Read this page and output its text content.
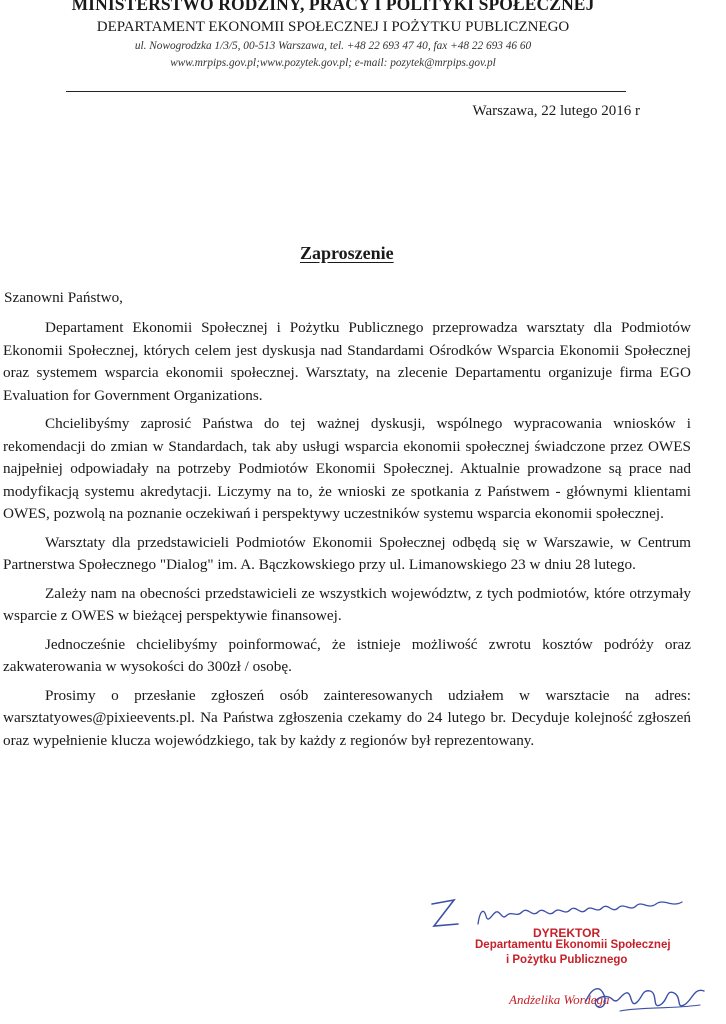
MINISTERSTWO RODZINY, PRACY I POLITYKI SPOŁECZNEJ
DEPARTAMENT EKONOMII SPOŁECZNEJ I POŻYTKU PUBLICZNEGO
ul. Nowogrodzka 1/3/5, 00-513 Warszawa, tel. +48 22 693 47 40, fax +48 22 693 46 60
www.mrpips.gov.pl;www.pozytek.gov.pl; e-mail: pozytek@mrpips.gov.pl
Warszawa, 22 lutego 2016 r
Zaproszenie
Szanowni Państwo,

Departament Ekonomii Społecznej i Pożytku Publicznego przeprowadza warsztaty dla Podmiotów Ekonomii Społecznej, których celem jest dyskusja nad Standardami Ośrodków Wsparcia Ekonomii Społecznej oraz systemem wsparcia ekonomii społecznej. Warsztaty, na zlecenie Departamentu organizuje firma EGO Evaluation for Government Organizations.

Chcielibyśmy zaprosić Państwa do tej ważnej dyskusji, wspólnego wypracowania wniosków i rekomendacji do zmian w Standardach, tak aby usługi wsparcia ekonomii społecznej świadczone przez OWES najpełniej odpowiadały na potrzeby Podmiotów Ekonomii Społecznej. Aktualnie prowadzone są prace nad modyfikacją systemu akredytacji. Liczymy na to, że wnioski ze spotkania z Państwem - głównymi klientami OWES, pozwolą na poznanie oczekiwań i perspektywy uczestników systemu wsparcia ekonomii społecznej.

Warsztaty dla przedstawicieli Podmiotów Ekonomii Społecznej odbędą się w Warszawie, w Centrum Partnerstwa Społecznego "Dialog" im. A. Bączkowskiego przy ul. Limanowskiego 23 w dniu 28 lutego.

Zależy nam na obecności przedstawicieli ze wszystkich województw, z tych podmiotów, które otrzymały wsparcie z OWES w bieżącej perspektywie finansowej.

Jednocześnie chcielibyśmy poinformować, że istnieje możliwość zwrotu kosztów podróży oraz zakwaterowania w wysokości do 300zł / osobę.

Prosimy o przesłanie zgłoszeń osób zainteresowanych udziałem w warsztacie na adres: warsztatyowes@pixieevents.pl. Na Państwa zgłoszenia czekamy do 24 lutego br. Decyduje kolejność zgłoszeń oraz wypełnienie klucza wojewódzkiego, tak by każdy z regionów był reprezentowany.

DYREKTOR
Departamentu Ekonomii Społecznej
i Pożytku Publicznego
Andżelika Wordega
